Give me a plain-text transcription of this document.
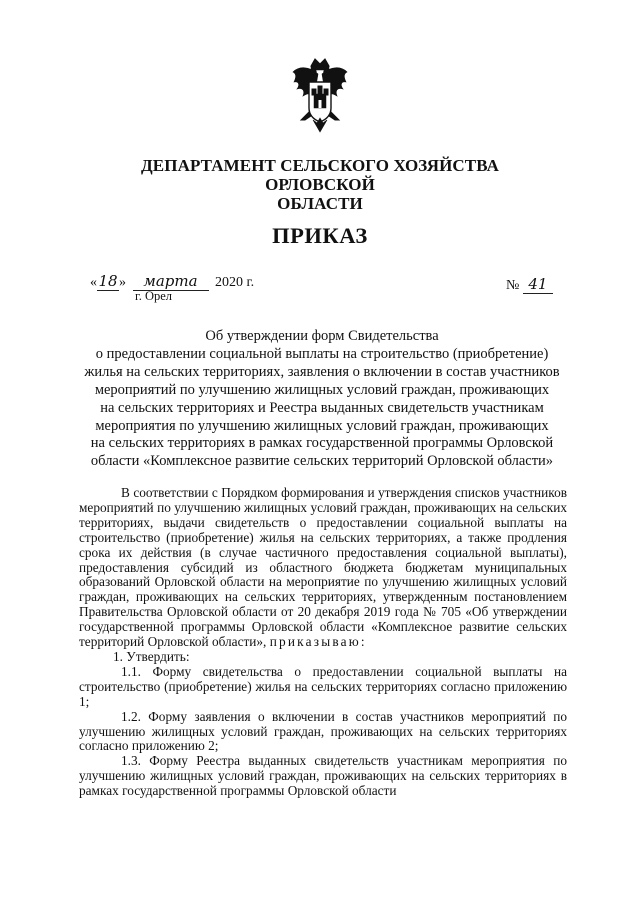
ДЕПАРТАМЕНТ СЕЛЬСКОГО ХОЗЯЙСТВА ОРЛОВСКОЙ
ОБЛАСТИ
ПРИКАЗ
«18» марта 2020 г.
г. Орел
№ 41
Об утверждении форм Свидетельства
о предоставлении социальной выплаты на строительство (приобретение)
жилья на сельских территориях, заявления о включении в состав участников
мероприятий по улучшению жилищных условий граждан, проживающих
на сельских территориях и Реестра выданных свидетельств участникам
мероприятия по улучшению жилищных условий граждан, проживающих
на сельских территориях в рамках государственной программы Орловской
области «Комплексное развитие сельских территорий Орловской области»

В соответствии с Порядком формирования и утверждения списков участников мероприятий по улучшению жилищных условий граждан, проживающих на сельских территориях, выдачи свидетельств о предоставлении социальной выплаты на строительство (приобретение) жилья на сельских территориях, а также продления срока их действия (в случае частичного предоставления социальной выплаты), предоставления субсидий из областного бюджета бюджетам муниципальных образований Орловской области на мероприятие по улучшению жилищных условий граждан, проживающих на сельских территориях, утвержденным постановлением Правительства Орловской области от 20 декабря 2019 года № 705 «Об утверждении государственной программы Орловской области «Комплексное развитие сельских территорий Орловской области», приказываю:

1. Утвердить:

1.1. Форму свидетельства о предоставлении социальной выплаты на строительство (приобретение) жилья на сельских территориях согласно приложению 1;

1.2. Форму заявления о включении в состав участников мероприятий по улучшению жилищных условий граждан, проживающих на сельских территориях согласно приложению 2;

1.3. Форму Реестра выданных свидетельств участникам мероприятия по улучшению жилищных условий граждан, проживающих на сельских территориях в рамках государственной программы Орловской области
